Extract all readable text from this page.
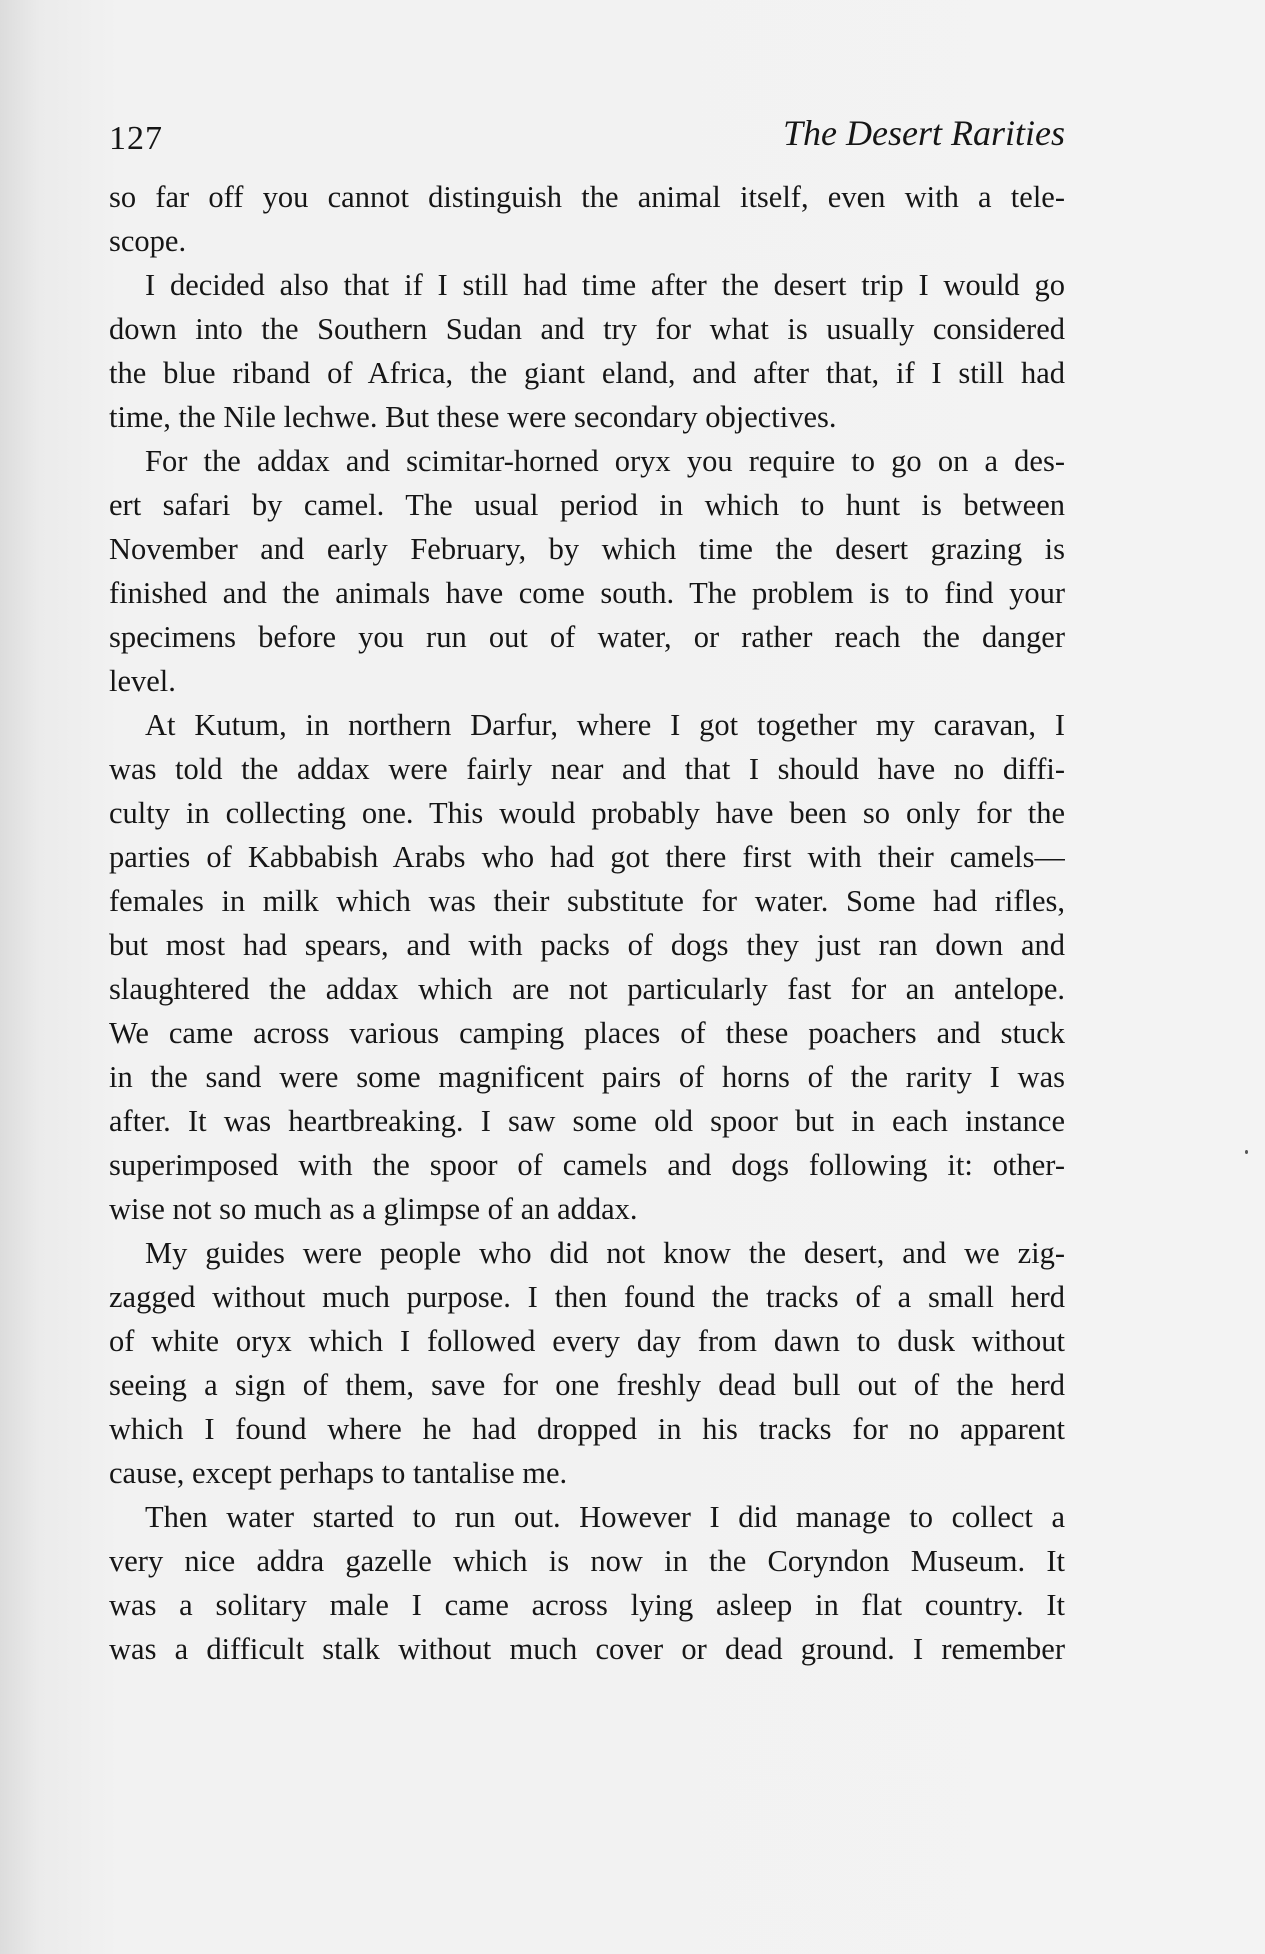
127	The Desert Rarities
so far off you cannot distinguish the animal itself, even with a tele-
scope.
I decided also that if I still had time after the desert trip I would go
down into the Southern Sudan and try for what is usually considered
the blue riband of Africa, the giant eland, and after that, if I still had
time, the Nile lechwe. But these were secondary objectives.
For the addax and scimitar-horned oryx you require to go on a des-
ert safari by camel. The usual period in which to hunt is between
November and early February, by which time the desert grazing is
finished and the animals have come south. The problem is to find your
specimens before you run out of water, or rather reach the danger
level.
At Kutum, in northern Darfur, where I got together my caravan, I
was told the addax were fairly near and that I should have no diffi-
culty in collecting one. This would probably have been so only for the
parties of Kabbabish Arabs who had got there first with their camels—
females in milk which was their substitute for water. Some had rifles,
but most had spears, and with packs of dogs they just ran down and
slaughtered the addax which are not particularly fast for an antelope.
We came across various camping places of these poachers and stuck
in the sand were some magnificent pairs of horns of the rarity I was
after. It was heartbreaking. I saw some old spoor but in each instance
superimposed with the spoor of camels and dogs following it: other-
wise not so much as a glimpse of an addax.
My guides were people who did not know the desert, and we zig-
zagged without much purpose. I then found the tracks of a small herd
of white oryx which I followed every day from dawn to dusk without
seeing a sign of them, save for one freshly dead bull out of the herd
which I found where he had dropped in his tracks for no apparent
cause, except perhaps to tantalise me.
Then water started to run out. However I did manage to collect a
very nice addra gazelle which is now in the Coryndon Museum. It
was a solitary male I came across lying asleep in flat country. It
was a difficult stalk without much cover or dead ground. I remember
